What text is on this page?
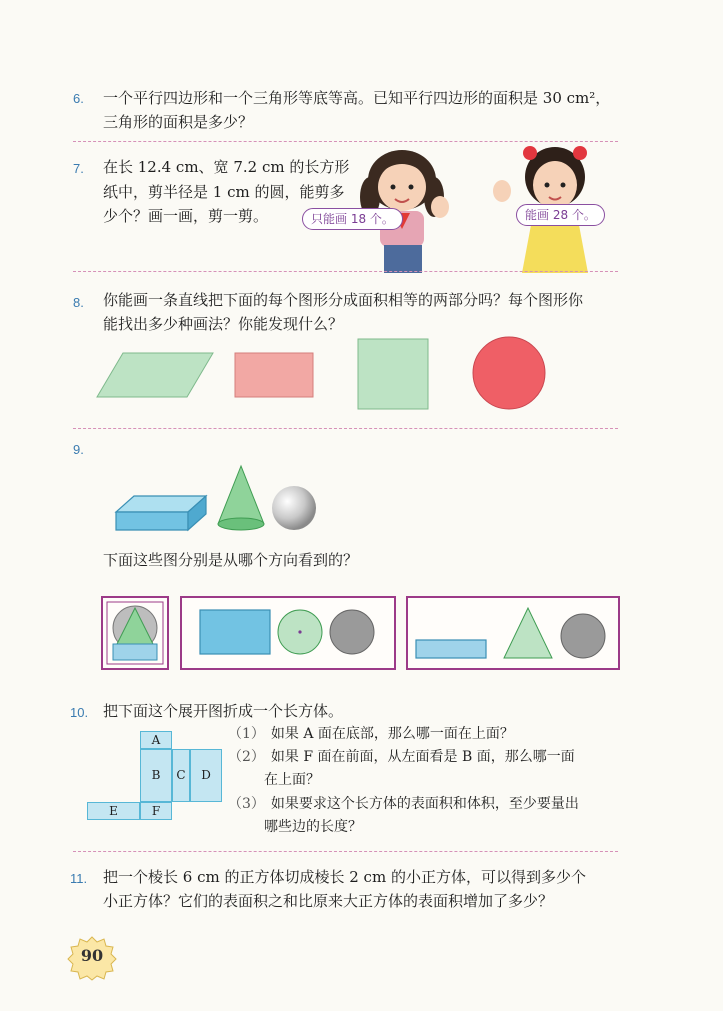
6. 一个平行四边形和一个三角形等底等高。已知平行四边形的面积是 30 cm²，
三角形的面积是多少？
7. 在长 12.4 cm、宽 7.2 cm 的长方形
纸中，剪半径是 1 cm 的圆，能剪多
少个？画一画，剪一剪。	只能画 18 个。	能画 28 个。
8. 你能画一条直线把下面的每个图形分成面积相等的两部分吗？每个图形你
能找出多少种画法？你能发现什么？
9.
下面这些图分别是从哪个方向看到的？
10. 把下面这个展开图折成一个长方体。
A
B	C	D
E	F
（1） 如果 A 面在底部，那么哪一面在上面？
（2） 如果 F 面在前面，从左面看是 B 面，那么哪一面
在上面？
（3） 如果要求这个长方体的表面积和体积，至少要量出
哪些边的长度？
11. 把一个棱长 6 cm 的正方体切成棱长 2 cm 的小正方体，可以得到多少个
小正方体？它们的表面积之和比原来大正方体的表面积增加了多少？
90
